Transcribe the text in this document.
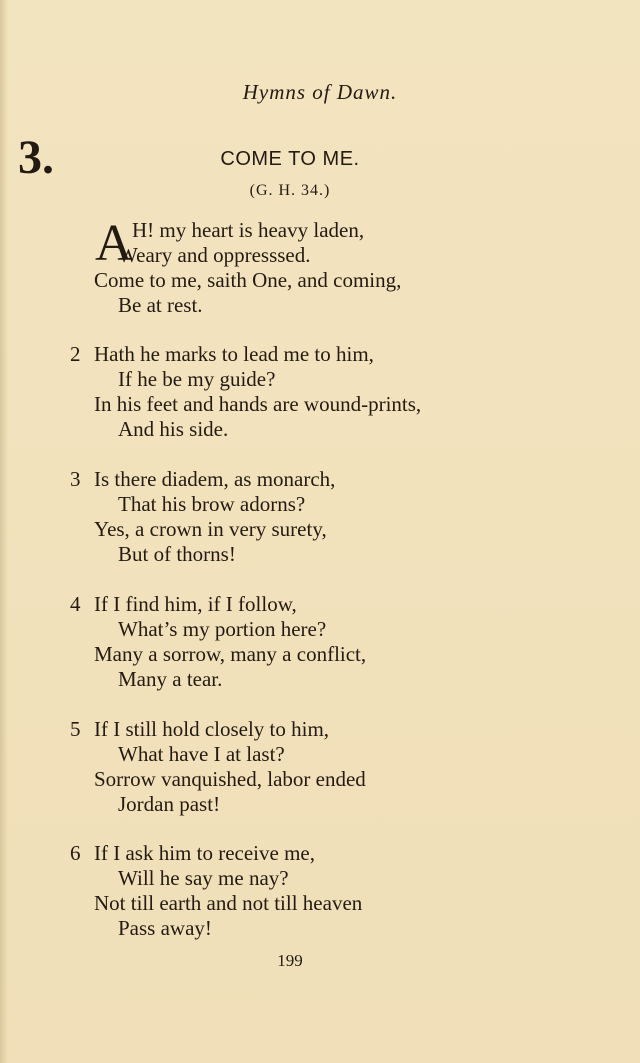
Hymns of Dawn.
3.	COME TO ME.
(G. H. 34.)
A H! my heart is heavy laden,
Weary and oppresssed.
Come to me, saith One, and coming,
Be at rest.
2 Hath he marks to lead me to him,
If he be my guide?
In his feet and hands are wound-prints,
And his side.
3 Is there diadem, as monarch,
That his brow adorns?
Yes, a crown in very surety,
But of thorns!
4 If I find him, if I follow,
What’s my portion here?
Many a sorrow, many a conflict,
Many a tear.
5 If I still hold closely to him,
What have I at last?
Sorrow vanquished, labor ended
Jordan past!
6 If I ask him to receive me,
Will he say me nay?
Not till earth and not till heaven
Pass away!
199
